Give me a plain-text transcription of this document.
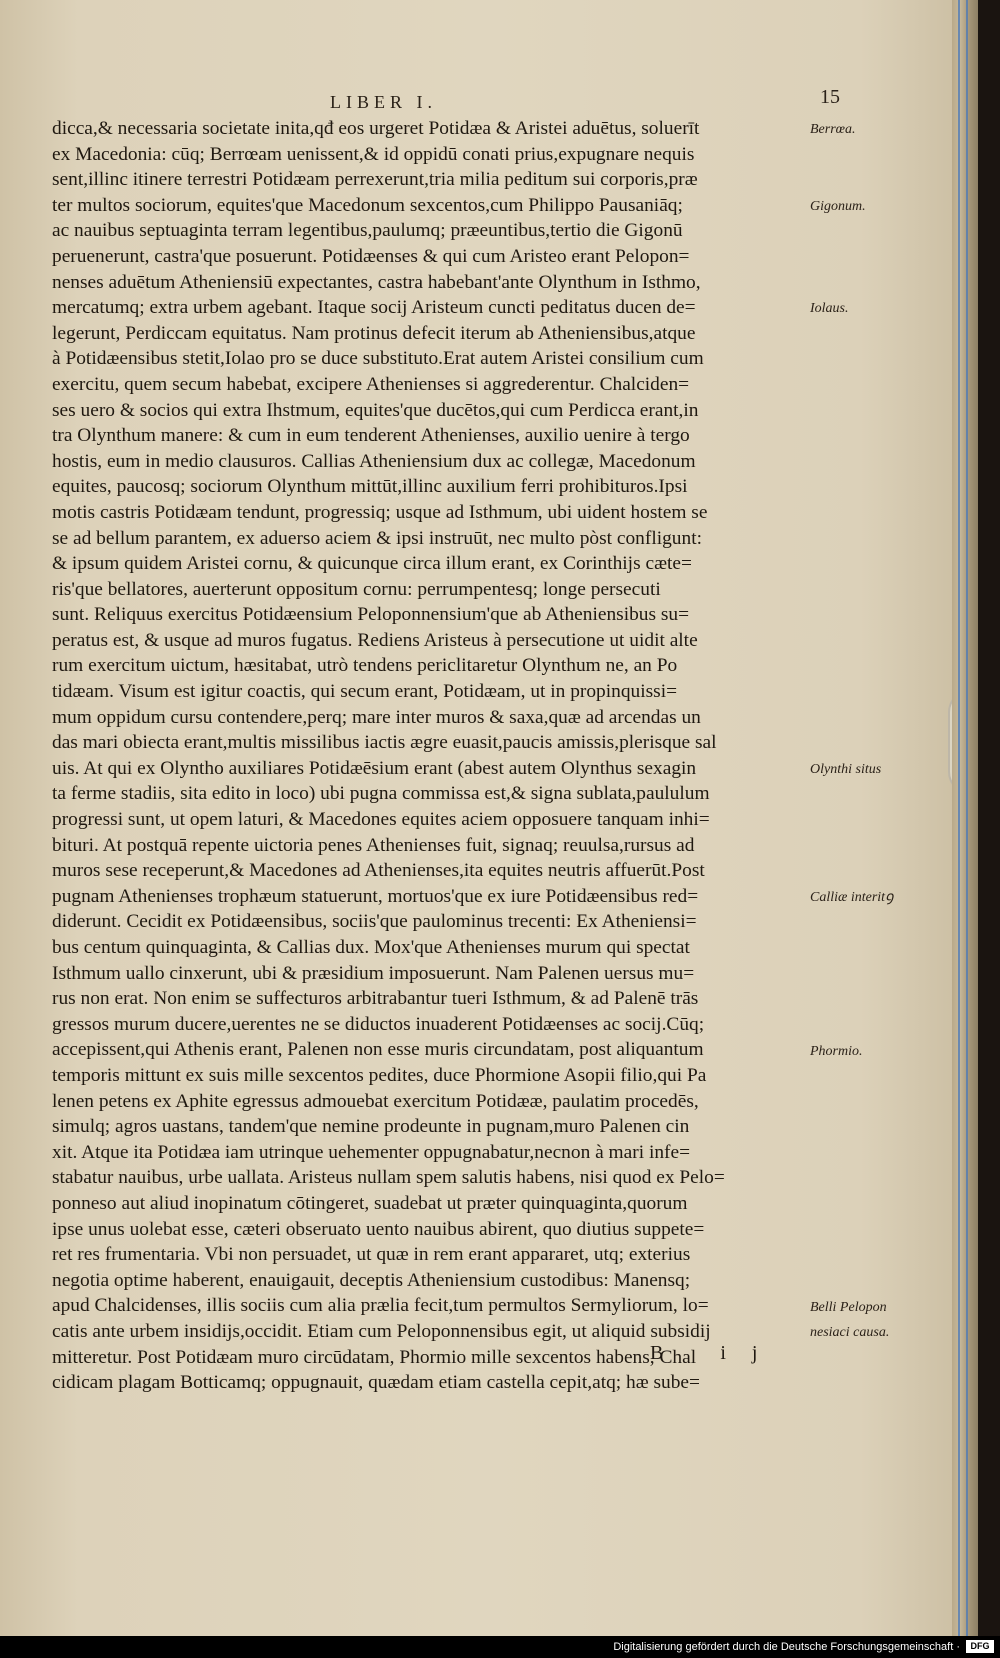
LIBER I.	15
dicca,& necessaria societate inita,qđ eos urgeret Potidæa & Aristei aduētus, soluerīt
ex Macedonia: cūq; Berrœam uenissent,& id oppidū conati prius,expugnare nequis
sent,illinc itinere terrestri Potidæam perrexerunt,tria milia peditum sui corporis,præ
ter multos sociorum, equites'que Macedonum sexcentos,cum Philippo Pausaniāq;
ac nauibus septuaginta terram legentibus,paulumq; præeuntibus,tertio die Gigonū
peruenerunt, castra'que posuerunt. Potidæenses & qui cum Aristeo erant Pelopon=
nenses aduētum Atheniensiū expectantes, castra habebant'ante Olynthum in Isthmo,
mercatumq; extra urbem agebant. Itaque socij Aristeum cuncti peditatus ducen de=
legerunt, Perdiccam equitatus. Nam protinus defecit iterum ab Atheniensibus,atque
à Potidæensibus stetit,Iolao pro se duce substituto.Erat autem Aristei consilium cum
exercitu, quem secum habebat, excipere Athenienses si aggrederentur. Chalciden=
ses uero & socios qui extra Ihstmum, equites'que ducētos,qui cum Perdicca erant,in
tra Olynthum manere: & cum in eum tenderent Athenienses, auxilio uenire à tergo
hostis, eum in medio clausuros. Callias Atheniensium dux ac collegæ, Macedonum
equites, paucosq; sociorum Olynthum mittūt,illinc auxilium ferri prohibituros.Ipsi
motis castris Potidæam tendunt, progressiq; usque ad Isthmum, ubi uident hostem se
se ad bellum parantem, ex aduerso aciem & ipsi instruūt, nec multo pòst confligunt:
& ipsum quidem Aristei cornu, & quicunque circa illum erant, ex Corinthijs cæte=
ris'que bellatores, auerterunt oppositum cornu: perrumpentesq; longe persecuti
sunt. Reliquus exercitus Potidæensium Peloponnensium'que ab Atheniensibus su=
peratus est, & usque ad muros fugatus. Rediens Aristeus à persecutione ut uidit alte
rum exercitum uictum, hæsitabat, utrò tendens periclitaretur Olynthum ne, an Po
tidæam. Visum est igitur coactis, qui secum erant, Potidæam, ut in propinquissi=
mum oppidum cursu contendere,perq; mare inter muros & saxa,quæ ad arcendas un
das mari obiecta erant,multis missilibus iactis ægre euasit,paucis amissis,plerisque sal
uis. At qui ex Olyntho auxiliares Potidæēsium erant (abest autem Olynthus sexagin
ta ferme stadiis, sita edito in loco) ubi pugna commissa est,& signa sublata,paululum
progressi sunt, ut opem laturi, & Macedones equites aciem opposuere tanquam inhi=
bituri. At postquā repente uictoria penes Athenienses fuit, signaq; reuulsa,rursus ad
muros sese receperunt,& Macedones ad Athenienses,ita equites neutris affuerūt.Post
pugnam Athenienses trophæum statuerunt, mortuos'que ex iure Potidæensibus red=
diderunt. Cecidit ex Potidæensibus, sociis'que paulominus trecenti: Ex Atheniensi=
bus centum quinquaginta, & Callias dux. Mox'que Athenienses murum qui spectat
Isthmum uallo cinxerunt, ubi & præsidium imposuerunt. Nam Palenen uersus mu=
rus non erat. Non enim se suffecturos arbitrabantur tueri Isthmum, & ad Palenē trās
gressos murum ducere,uerentes ne se diductos inuaderent Potidæenses ac socij.Cūq;
accepissent,qui Athenis erant, Palenen non esse muris circundatam, post aliquantum
temporis mittunt ex suis mille sexcentos pedites, duce Phormione Asopii filio,qui Pa
lenen petens ex Aphite egressus admouebat exercitum Potidææ, paulatim procedēs,
simulq; agros uastans, tandem'que nemine prodeunte in pugnam,muro Palenen cin
xit. Atque ita Potidæa iam utrinque uehementer oppugnabatur,necnon à mari infe=
stabatur nauibus, urbe uallata. Aristeus nullam spem salutis habens, nisi quod ex Pelo=
ponneso aut aliud inopinatum cōtingeret, suadebat ut præter quinquaginta,quorum
ipse unus uolebat esse, cæteri obseruato uento nauibus abirent, quo diutius suppete=
ret res frumentaria. Vbi non persuadet, ut quæ in rem erant appararet, utq; exterius
negotia optime haberent, enauigauit, deceptis Atheniensium custodibus: Manensq;
apud Chalcidenses, illis sociis cum alia prælia fecit,tum permultos Sermyliorum, lo=
catis ante urbem insidijs,occidit. Etiam cum Peloponnensibus egit, ut aliquid subsidij
mitteretur. Post Potidæam muro circūdatam, Phormio mille sexcentos habens, Chal
cidicam plagam Botticamq; oppugnauit, quædam etiam castella cepit,atq; hæ sube=
Berrœa.
Gigonum.
Iolaus.
Olynthi situs
Calliæ interitꝯ
Phormio.
Belli Pelopon
nesiaci causa.
B ij
Digitalisierung gefördert durch die Deutsche Forschungsgemeinschaft ·	DFG
